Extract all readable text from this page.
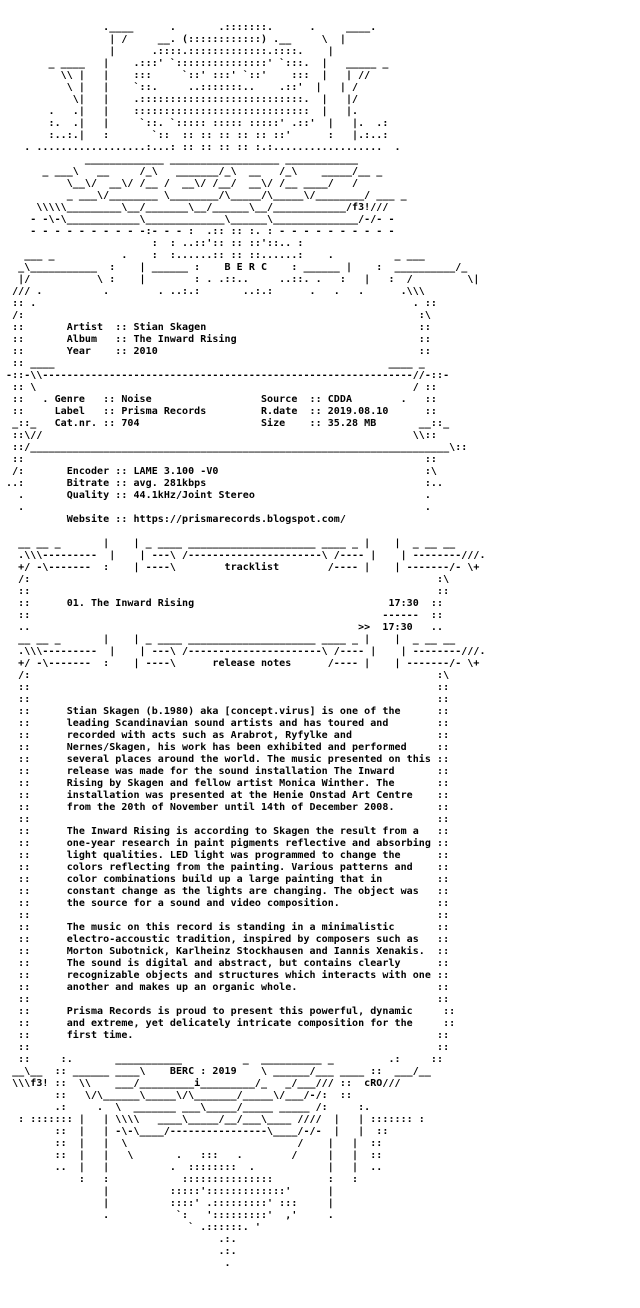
.____      .       .:::::::.      .     ____.
| /     __. (::::::::::::) .__     \  |
|      .::::.:::::::::::::.::::.    |
_ ____   |    .:::' `:::::::::::::::' `:::.  |   _____ _
\\ |   |    :::     `::' :::' `::'    :::  |   | //
\ |   |    `::.     ..:::::::..    .::'  |   | /
\|   |    .:::::::::::::::::::::::::::.  |   |/
.   .|   |    :::::::::::::::::::::::::::::  |   |.
:.  .|   |     `::. `::::: ::::: :::::' .::'  |   |.  .:
:..:.|   :       `::  :: :: :: :: :: ::'      :   |.:..:
. ..................:...: :: :: :: :: :.:..................  .
_____________ __________________ ____________
_ ___\   __     /_\   _______/_\  __   /_\    _____/__ _
\__\/  __\/ /__ /  __\/ /__/  __\/ /__ ____/   /
_ ___\/________ \________/\_____/\_____\/________/ ___ _
\\\\\_________\__/_______\__/______\__/____________/f3!///
- -\-\____________\_____________\______\______________/-/- -
- - - - - - - - - -:- - - :  .:: :: :. : - - - - - - - - - -
:  : ..::':: :: ::'::.. :
___ _           .    :  :......:: :: ::......:    .          _ ___
_\___________  :    | ______ :    B E R C    : ______ |    :  __________/_
|/           \ :    |        : . .::..     ..::. .   :   |   :  /         \|
/// .          .        . ..:.:       ..:.:      .   .   .      .\\\
:: .                                                              . ::
/:                                                                 :\
::       Artist  :: Stian Skagen                                   ::
::       Album   :: The Inward Rising                              ::
::       Year    :: 2010                                           ::
:: ____                                                       ____ _
-::-\\-------------------------------------------------------------//-::-
:: \                                                              / ::
::   . Genre   :: Noise                  Source  :: CDDA        .   ::
::     Label   :: Prisma Records         R.date  :: 2019.08.10      ::
_::_   Cat.nr. :: 704                    Size    :: 35.28 MB       __::_
::\//                                                             \\::
::/_____________________________________________________________________\::
::                                                                  ::
/:       Encoder :: LAME 3.100 -V0                                  :\
..:       Bitrate :: avg. 281kbps                                    :..
.       Quality :: 44.1kHz/Joint Stereo                            .
.                                                                  .
Website :: https://prismarecords.blogspot.com/

__ __ _       |    | _ ____ _____________________ ____ _ |    |  _ __ __
.\\\---------  |    | ---\ /----------------------\ /---- |    | --------///.
+/ -\-------  :    | ----\        tracklist        /---- |    | -------/- \+
/:                                                                   :\
::                                                                   ::
::      01. The Inward Rising                                17:30  ::
::                                                          ------  ::
..                                                      >>  17:30   ..
__ __ _       |    | _ ____ _____________________ ____ _ |    |  _ __ __
.\\\---------  |    | ---\ /----------------------\ /---- |    | --------///.
+/ -\-------  :    | ----\      release notes      /---- |    | -------/- \+
/:                                                                   :\
::                                                                   ::
::                                                                   ::
::      Stian Skagen (b.1980) aka [concept.virus] is one of the      ::
::      leading Scandinavian sound artists and has toured and        ::
::      recorded with acts such as Arabrot, Ryfylke and              ::
::      Nernes/Skagen, his work has been exhibited and performed     ::
::      several places around the world. The music presented on this ::
::      release was made for the sound installation The Inward       ::
::      Rising by Skagen and fellow artist Monica Winther. The       ::
::      installation was presented at the Henie Onstad Art Centre    ::
::      from the 20th of November until 14th of December 2008.       ::
::                                                                   ::
::      The Inward Rising is according to Skagen the result from a   ::
::      one-year research in paint pigments reflective and absorbing ::
::      light qualities. LED light was programmed to change the      ::
::      colors reflecting from the painting. Various patterns and    ::
::      color combinations build up a large painting that in         ::
::      constant change as the lights are changing. The object was   ::
::      the source for a sound and video composition.                ::
::                                                                   ::
::      The music on this record is standing in a minimalistic       ::
::      electro-accoustic tradition, inspired by composers such as   ::
::      Morton Subotnick, Karlheinz Stockhausen and Iannis Xenakis.  ::
::      The sound is digital and abstract, but contains clearly      ::
::      recognizable objects and structures which interacts with one ::
::      another and makes up an organic whole.                       ::
::                                                                   ::
::      Prisma Records is proud to present this powerful, dynamic     ::
::      and extreme, yet delicately intricate composition for the     ::
::      first time.                                                  ::
::                                                                   ::
::     :.       ___________          _  __________ _         .:     ::
__\__  :: ______ ____\    BERC : 2019    \ ______/___ ____ ::  ___/__
\\\f3! ::  \\    ___/_________i_________/_   _/___/// ::  cRO///
::   \/\______\_____\/\_______/_____\/___/-/:  ::
.:     .  \  _______ ___\_____/_____ _____ /:     :.
: ::::::: |   | \\\\   ____\_____/__/___\____ ////  |   | ::::::: :
::  |   | -\-\____/----------------\____/-/-  |   |  ::
::  |   |  \                            /    |   |  ::
::  |   |   \       .   :::   .        /     |   |  ::
..  |   |          .  ::::::::  .            |   |  ..
:   :            :::::::::::::::         :   :
|          :::::':::::::::::::'      |
|          ::::' .:::::::::' :::     |
.           `:   ':::::::::'  ,'     .
` .::::::. '
.:.
.:.
.
